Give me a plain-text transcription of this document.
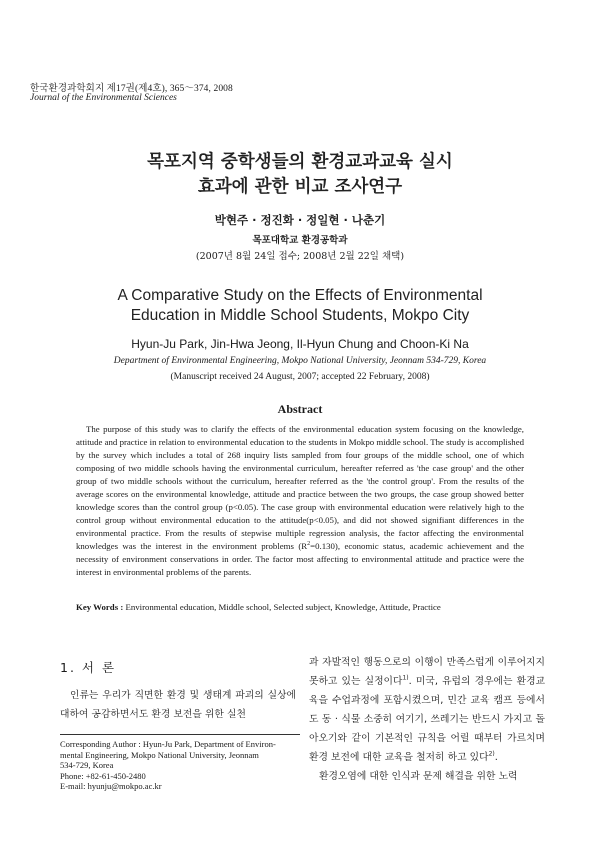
한국환경과학회지 제17권(제4호), 365～374, 2008
Journal of the Environmental Sciences
목포지역 중학생들의 환경교과교육 실시
효과에 관한 비교 조사연구
박현주 · 정진화 · 정일현 · 나춘기
목포대학교 환경공학과
(2007년 8월 24일 접수; 2008년 2월 22일 채택)
A Comparative Study on the Effects of Environmental
Education in Middle School Students, Mokpo City
Hyun-Ju Park, Jin-Hwa Jeong, Il-Hyun Chung and Choon-Ki Na
Department of Environmental Engineering, Mokpo National University, Jeonnam 534-729, Korea
(Manuscript received 24 August, 2007; accepted 22 February, 2008)
Abstract

The purpose of this study was to clarify the effects of the environmental education system focusing on the knowledge, attitude and practice in relation to environmental education to the students in Mokpo middle school. The study is accomplished by the survey which includes a total of 268 inquiry lists sampled from four groups of the middle school, one of which composing of two middle schools having the environmental curriculum, hereafter referred as 'the case group' and the other group of two middle schools without the curriculum, hereafter referred as the 'the control group'. From the results of the average scores on the environmental knowledge, attitude and practice between the two groups, the case group showed better knowledge scores than the control group (p<0.05). The case group with environmental education were relatively high to the control group without environmental education to the attitude(p<0.05), and did not showed signifiant differences in the environmental practice. From the results of stepwise multiple regression analysis, the factor affecting the environmental knowledges was the interest in the environment problems $(R^2=0.130)$, economic status, academic achievement and the necessity of environment conservations in order. The factor most affecting to environmental attitude and practice were the interest in environmental problems of the parents.

Key Words : Environmental education, Middle school, Selected subject, Knowledge, Attitude, Practice
1. 서 론

인류는 우리가 직면한 환경 및 생태계 파괴의 실상에 대하여 공감하면서도 환경 보전을 위한 실천

Corresponding Author : Hyun-Ju Park, Department of Environ-
mental Engineering, Mokpo National University, Jeonnam
534-729, Korea
Phone: +82-61-450-2480
E-mail: hyunju@mokpo.ac.kr

과 자발적인 행동으로의 이행이 만족스럽게 이루어지지 못하고 있는 실정이다$^{1)}$. 미국, 유럽의 경우에는 환경교육을 수업과정에 포함시켰으며, 민간 교육 캠프 등에서도 동 · 식물 소중히 여기기, 쓰레기는 반드시 가지고 돌아오기와 같이 기본적인 규칙을 어릴 때부터 가르치며 환경 보전에 대한 교육을 철저히 하고 있다$^{2)}$.

환경오염에 대한 인식과 문제 해결을 위한 노력
